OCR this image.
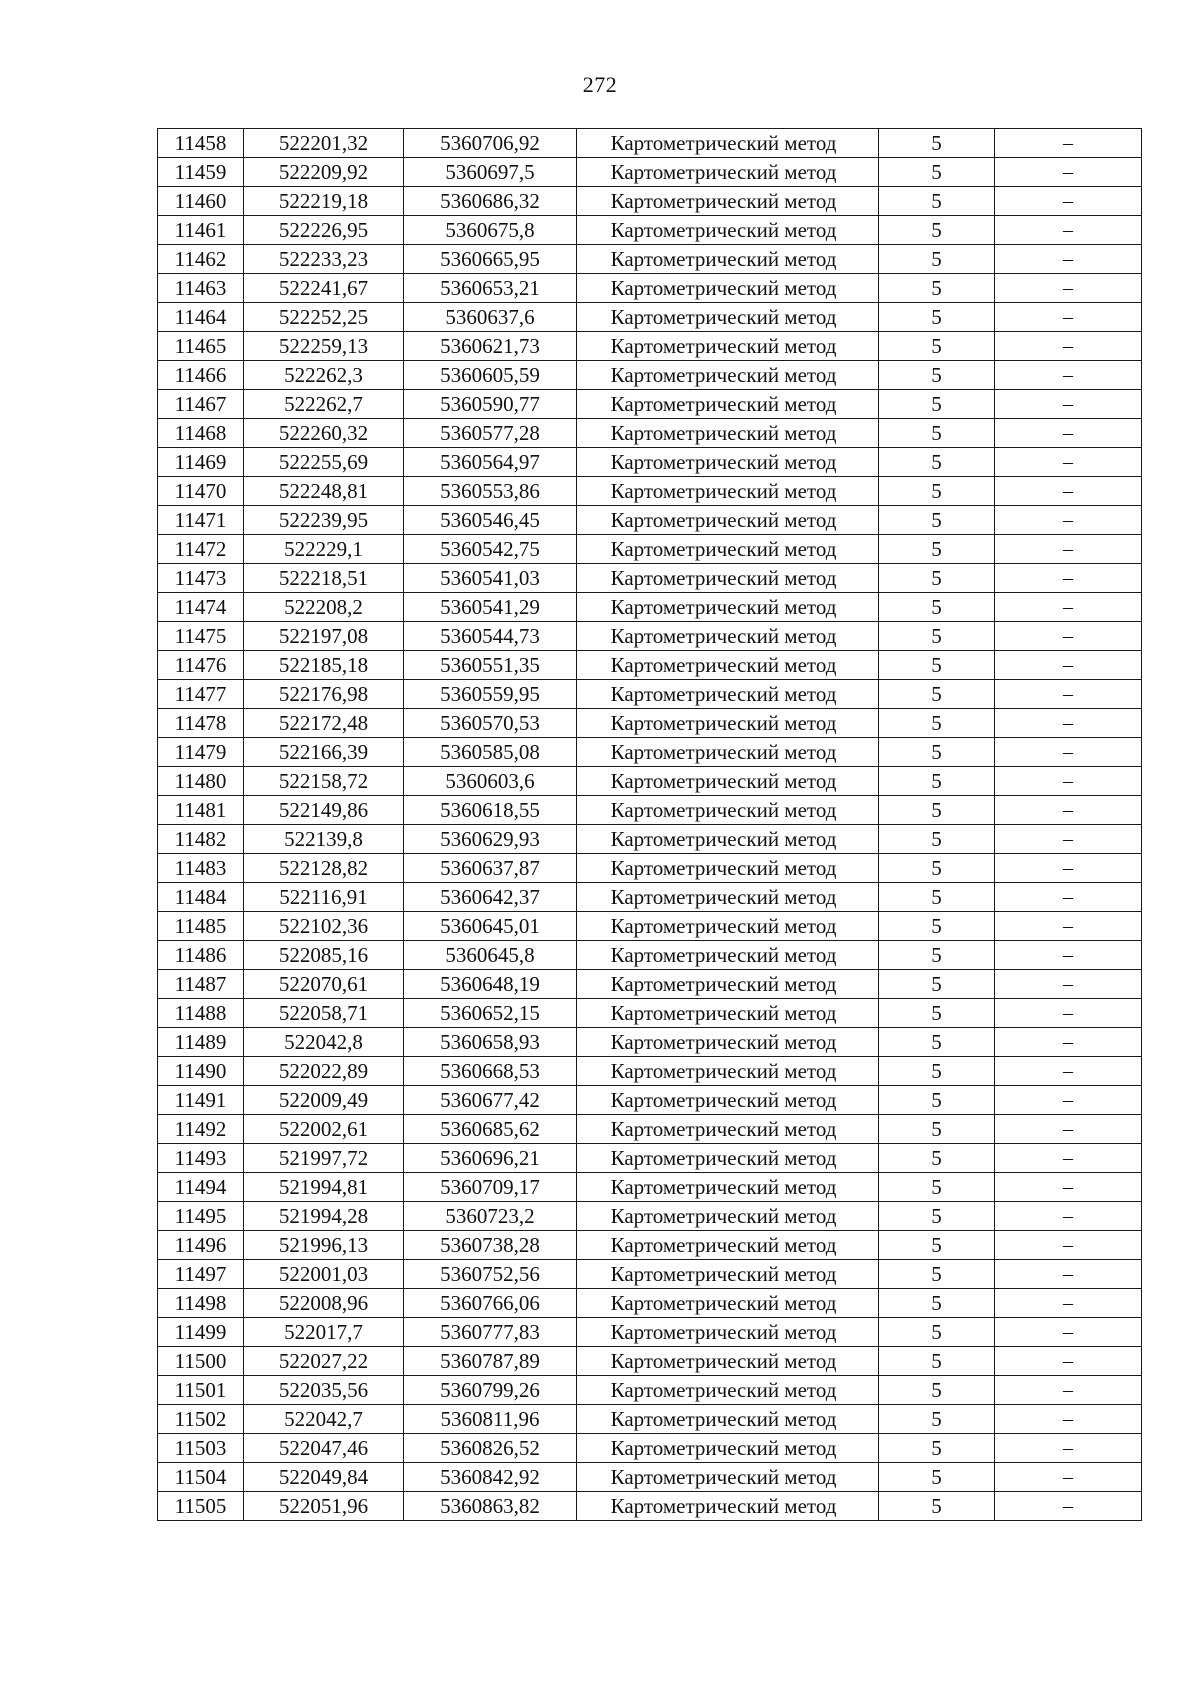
272
11458	522201,32	5360706,92	Картометрический метод	5	–
11459	522209,92	5360697,5	Картометрический метод	5	–
11460	522219,18	5360686,32	Картометрический метод	5	–
11461	522226,95	5360675,8	Картометрический метод	5	–
11462	522233,23	5360665,95	Картометрический метод	5	–
11463	522241,67	5360653,21	Картометрический метод	5	–
11464	522252,25	5360637,6	Картометрический метод	5	–
11465	522259,13	5360621,73	Картометрический метод	5	–
11466	522262,3	5360605,59	Картометрический метод	5	–
11467	522262,7	5360590,77	Картометрический метод	5	–
11468	522260,32	5360577,28	Картометрический метод	5	–
11469	522255,69	5360564,97	Картометрический метод	5	–
11470	522248,81	5360553,86	Картометрический метод	5	–
11471	522239,95	5360546,45	Картометрический метод	5	–
11472	522229,1	5360542,75	Картометрический метод	5	–
11473	522218,51	5360541,03	Картометрический метод	5	–
11474	522208,2	5360541,29	Картометрический метод	5	–
11475	522197,08	5360544,73	Картометрический метод	5	–
11476	522185,18	5360551,35	Картометрический метод	5	–
11477	522176,98	5360559,95	Картометрический метод	5	–
11478	522172,48	5360570,53	Картометрический метод	5	–
11479	522166,39	5360585,08	Картометрический метод	5	–
11480	522158,72	5360603,6	Картометрический метод	5	–
11481	522149,86	5360618,55	Картометрический метод	5	–
11482	522139,8	5360629,93	Картометрический метод	5	–
11483	522128,82	5360637,87	Картометрический метод	5	–
11484	522116,91	5360642,37	Картометрический метод	5	–
11485	522102,36	5360645,01	Картометрический метод	5	–
11486	522085,16	5360645,8	Картометрический метод	5	–
11487	522070,61	5360648,19	Картометрический метод	5	–
11488	522058,71	5360652,15	Картометрический метод	5	–
11489	522042,8	5360658,93	Картометрический метод	5	–
11490	522022,89	5360668,53	Картометрический метод	5	–
11491	522009,49	5360677,42	Картометрический метод	5	–
11492	522002,61	5360685,62	Картометрический метод	5	–
11493	521997,72	5360696,21	Картометрический метод	5	–
11494	521994,81	5360709,17	Картометрический метод	5	–
11495	521994,28	5360723,2	Картометрический метод	5	–
11496	521996,13	5360738,28	Картометрический метод	5	–
11497	522001,03	5360752,56	Картометрический метод	5	–
11498	522008,96	5360766,06	Картометрический метод	5	–
11499	522017,7	5360777,83	Картометрический метод	5	–
11500	522027,22	5360787,89	Картометрический метод	5	–
11501	522035,56	5360799,26	Картометрический метод	5	–
11502	522042,7	5360811,96	Картометрический метод	5	–
11503	522047,46	5360826,52	Картометрический метод	5	–
11504	522049,84	5360842,92	Картометрический метод	5	–
11505	522051,96	5360863,82	Картометрический метод	5	–
